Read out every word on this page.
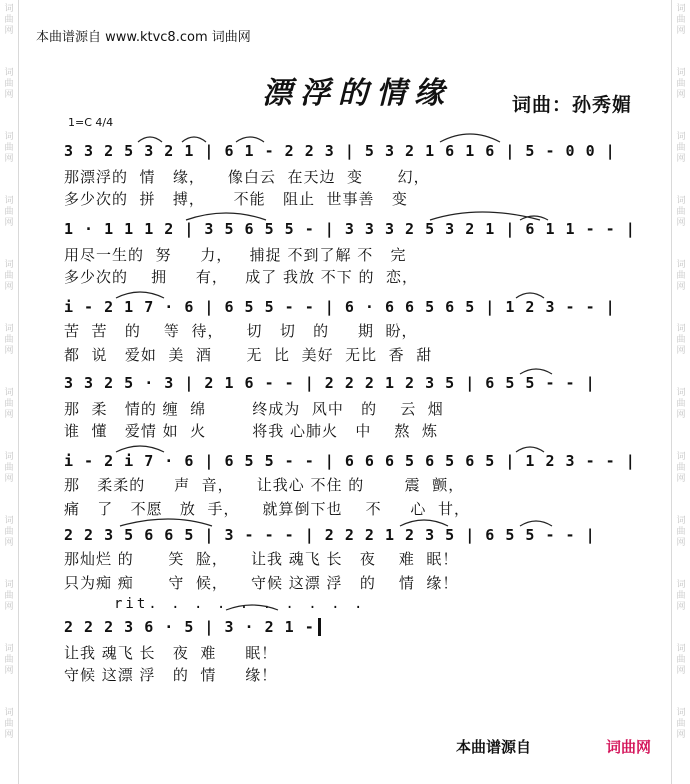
词
曲
网
词
曲
网
词
曲
网
词
曲
网
词
曲
网
词
曲
网
词
曲
网
词
曲
网
词
曲
网
词
曲
网
词
曲
网
词
曲
网
词
曲
网
词
曲
网
词
曲
网
词
曲
网
词
曲
网
词
曲
网
词
曲
网
词
曲
网
词
曲
网
词
曲
网
词
曲
网
词
曲
网
本曲谱源自 www.ktvc8.com 词曲网
漂浮的情缘	词曲：孙秀媚
1=C 4/4
3 3 2 5 3 2 1 | 6 1 - 2 2 3 | 5 3 2 1 6 1 6 | 5 - 0 0 |
那漂浮的  情   缘，    像白云  在天边  变      幻，
多少次的  拼   搏，     不能   阻止  世事善   变
1 · 1 1 1 2 | 3 5 6 5 5 - | 3 3 3 2 5 3 2 1 | 6 1 1 - - |
用尽一生的  努     力，   捕捉 不到了解 不   完
多少次的    拥     有，   成了 我放 不下 的  恋，
i - 2 1 7 · 6 | 6 5 5 - - | 6 · 6 6 5 6 5 | 1 2 3 - - |
苦  苦   的    等  待，    切   切   的     期  盼，
都  说   爱如  美  酒      无  比  美好  无比  香  甜
3 3 2 5 · 3 | 2 1 6 - - | 2 2 2 1 2 3 5 | 6 5 5 - - |
那  柔   情的 缠  绵        终成为  风中   的    云  烟
谁  懂   爱情 如  火        将我 心肺火   中    熬  炼
i - 2 i 7 · 6 | 6 5 5 - - | 6 6 6 5 6 5 6 5 | 1 2 3 - - |
那   柔柔的     声  音，    让我心 不住 的       震  颤，
痛   了   不愿   放  手，    就算倒下也    不     心  甘，
2 2 3 5 6 6 5 | 3 - - - | 2 2 2 1 2 3 5 | 6 5 5 - - |
那灿烂 的      笑  脸，    让我 魂飞 长   夜    难  眠！
只为痴 痴      守  候，    守候 这漂 浮   的    情  缘！
rit. . . . . . . . . .
2 2 2 3 6 · 5 | 3 · 2 1 -
让我 魂飞 长   夜  难     眠！
守候 这漂 浮   的  情     缘！
本曲谱源自	词曲网
